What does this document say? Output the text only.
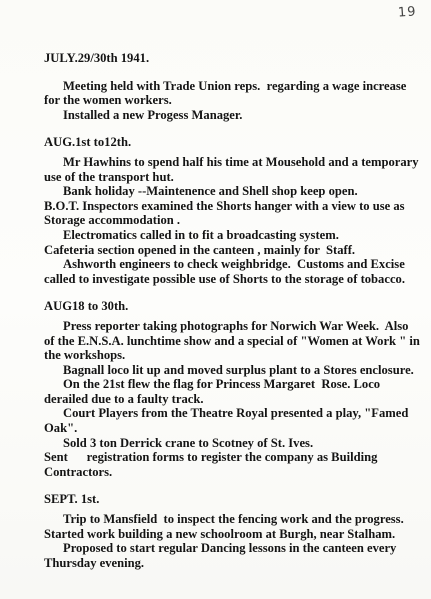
19
JULY.29/30th 1941.
Meeting held with Trade Union reps.  regarding a wage increase for the women workers.
Installed a new Progess Manager.
AUG.1st to12th.
Mr Hawhins to spend half his time at Mousehold and a temporary use of the transport hut.
Bank holiday --Maintenence and Shell shop keep open.
B.O.T. Inspectors examined the Shorts hanger with a view to use as Storage accommodation .
Electromatics called in to fit a broadcasting system.
Cafeteria section opened in the canteen , mainly for  Staff.
Ashworth engineers to check weighbridge.  Customs and Excise called to investigate possible use of Shorts to the storage of tobacco.
AUG18 to 30th.
Press reporter taking photographs for Norwich War Week.  Also of the E.N.S.A. lunchtime show and a special of "Women at Work " in the workshops.
Bagnall loco lit up and moved surplus plant to a Stores enclosure.
On the 21st flew the flag for Princess Margaret  Rose. Loco derailed due to a faulty track.
Court Players from the Theatre Royal presented a play, "Famed Oak".
Sold 3 ton Derrick crane to Scotney of St. Ives.
Sent      registration forms to register the company as Building Contractors.
SEPT. 1st.
Trip to Mansfield  to inspect the fencing work and the progress.  Started work building a new schoolroom at Burgh, near Stalham.
Proposed to start regular Dancing lessons in the canteen every Thursday evening.
